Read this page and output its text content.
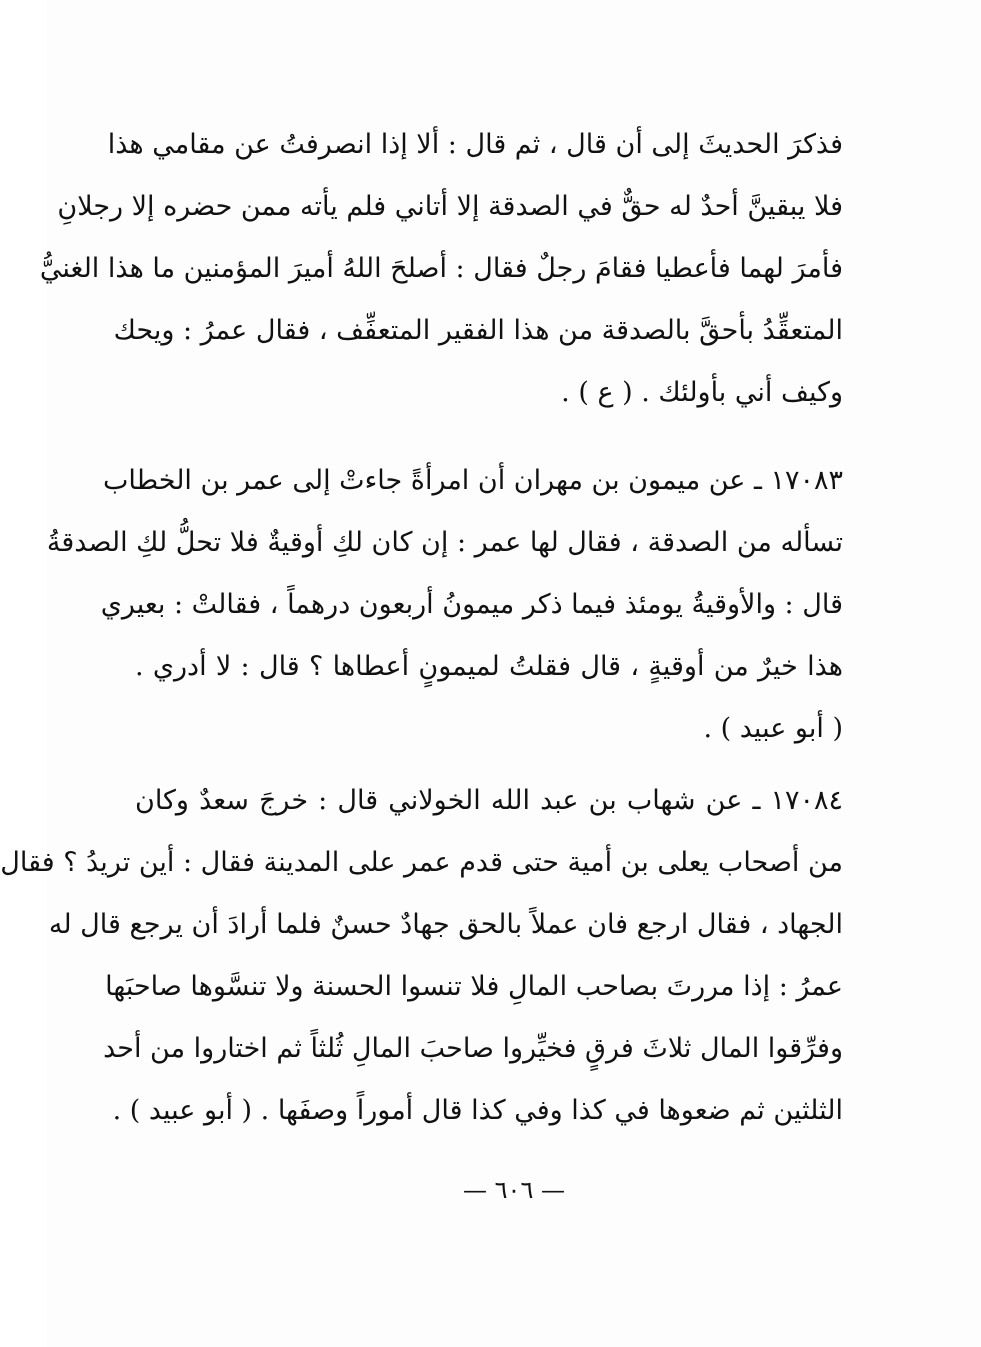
فذكرَ الحديثَ إلى أن قال ، ثم قال : ألا إذا انصرفتُ عن مقامي هذا
فلا يبقينَّ أحدٌ له حقٌّ في الصدقة إلا أتاني فلم يأته ممن حضره إلا رجلانِ
فأمرَ لهما فأعطيا فقامَ رجلٌ فقال : أصلحَ اللهُ أميرَ المؤمنين ما هذا الغنيُّ
المتعقِّدُ بأحقَّ بالصدقة من هذا الفقير المتعفِّف ، فقال عمرُ : ويحك
وكيف أني بأولئك . ( ع ) .
١٧٠٨٣ ـ عن ميمون بن مهران أن امرأةً جاءتْ إلى عمر بن الخطاب
تسأله من الصدقة ، فقال لها عمر : إن كان لكِ أوقيةٌ فلا تحلُّ لكِ الصدقةُ
قال : والأوقيةُ يومئذ فيما ذكر ميمونُ أربعون درهماً ، فقالتْ : بعيري
هذا خيرٌ من أوقيةٍ ، قال فقلتُ لميمونٍ أعطاها ؟ قال : لا أدري .
( أبو عبيد ) .
١٧٠٨٤ ـ عن شهاب بن عبد الله الخولاني قال : خرجَ سعدٌ وكان
من أصحاب يعلى بن أمية حتى قدم عمر على المدينة فقال : أين تريدُ ؟ فقال
الجهاد ، فقال ارجع فان عملاً بالحق جهادٌ حسنٌ فلما أرادَ أن يرجع قال له
عمرُ : إذا مررتَ بصاحب المالِ فلا تنسوا الحسنة ولا تنسَّوها صاحبَها
وفرِّقوا المال ثلاثَ فرقٍ فخيِّروا صاحبَ المالِ ثُلثاً ثم اختاروا من أحد
الثلثين ثم ضعوها في كذا وفي كذا قال أموراً وصفَها . ( أبو عبيد ) .
— ٦٠٦ —
